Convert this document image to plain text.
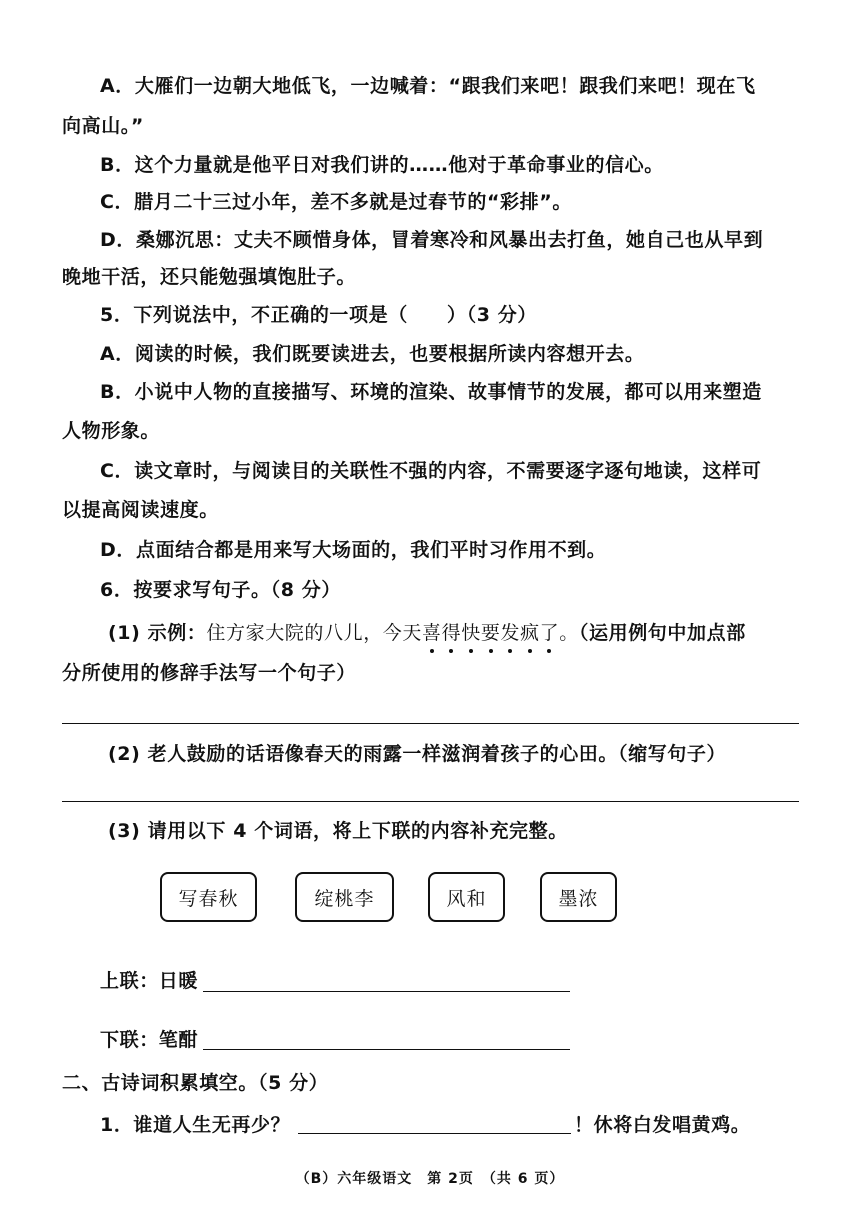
A．大雁们一边朝大地低飞，一边喊着：“跟我们来吧！跟我们来吧！现在飞
向高山。”
B．这个力量就是他平日对我们讲的……他对于革命事业的信心。
C．腊月二十三过小年，差不多就是过春节的“彩排”。
D．桑娜沉思：丈夫不顾惜身体，冒着寒冷和风暴出去打鱼，她自己也从早到
晚地干活，还只能勉强填饱肚子。
5．下列说法中，不正确的一项是（　　）（3 分）
A．阅读的时候，我们既要读进去，也要根据所读内容想开去。
B．小说中人物的直接描写、环境的渲染、故事情节的发展，都可以用来塑造
人物形象。
C．读文章时，与阅读目的关联性不强的内容，不需要逐字逐句地读，这样可
以提高阅读速度。
D．点面结合都是用来写大场面的，我们平时习作用不到。
6．按要求写句子。（8 分）
(1) 示例：住方家大院的八儿，今天喜得快要发疯了。（运用例句中加点部
分所使用的修辞手法写一个句子）
(2) 老人鼓励的话语像春天的雨露一样滋润着孩子的心田。（缩写句子）
(3) 请用以下 4 个词语，将上下联的内容补充完整。
写春秋	绽桃李	风和	墨浓
上联：日暖
下联：笔酣
二、古诗词积累填空。（5 分）
1．谁道人生无再少？	！休将白发唱黄鸡。
（B）六年级语文　第 2页　（共 6 页）
